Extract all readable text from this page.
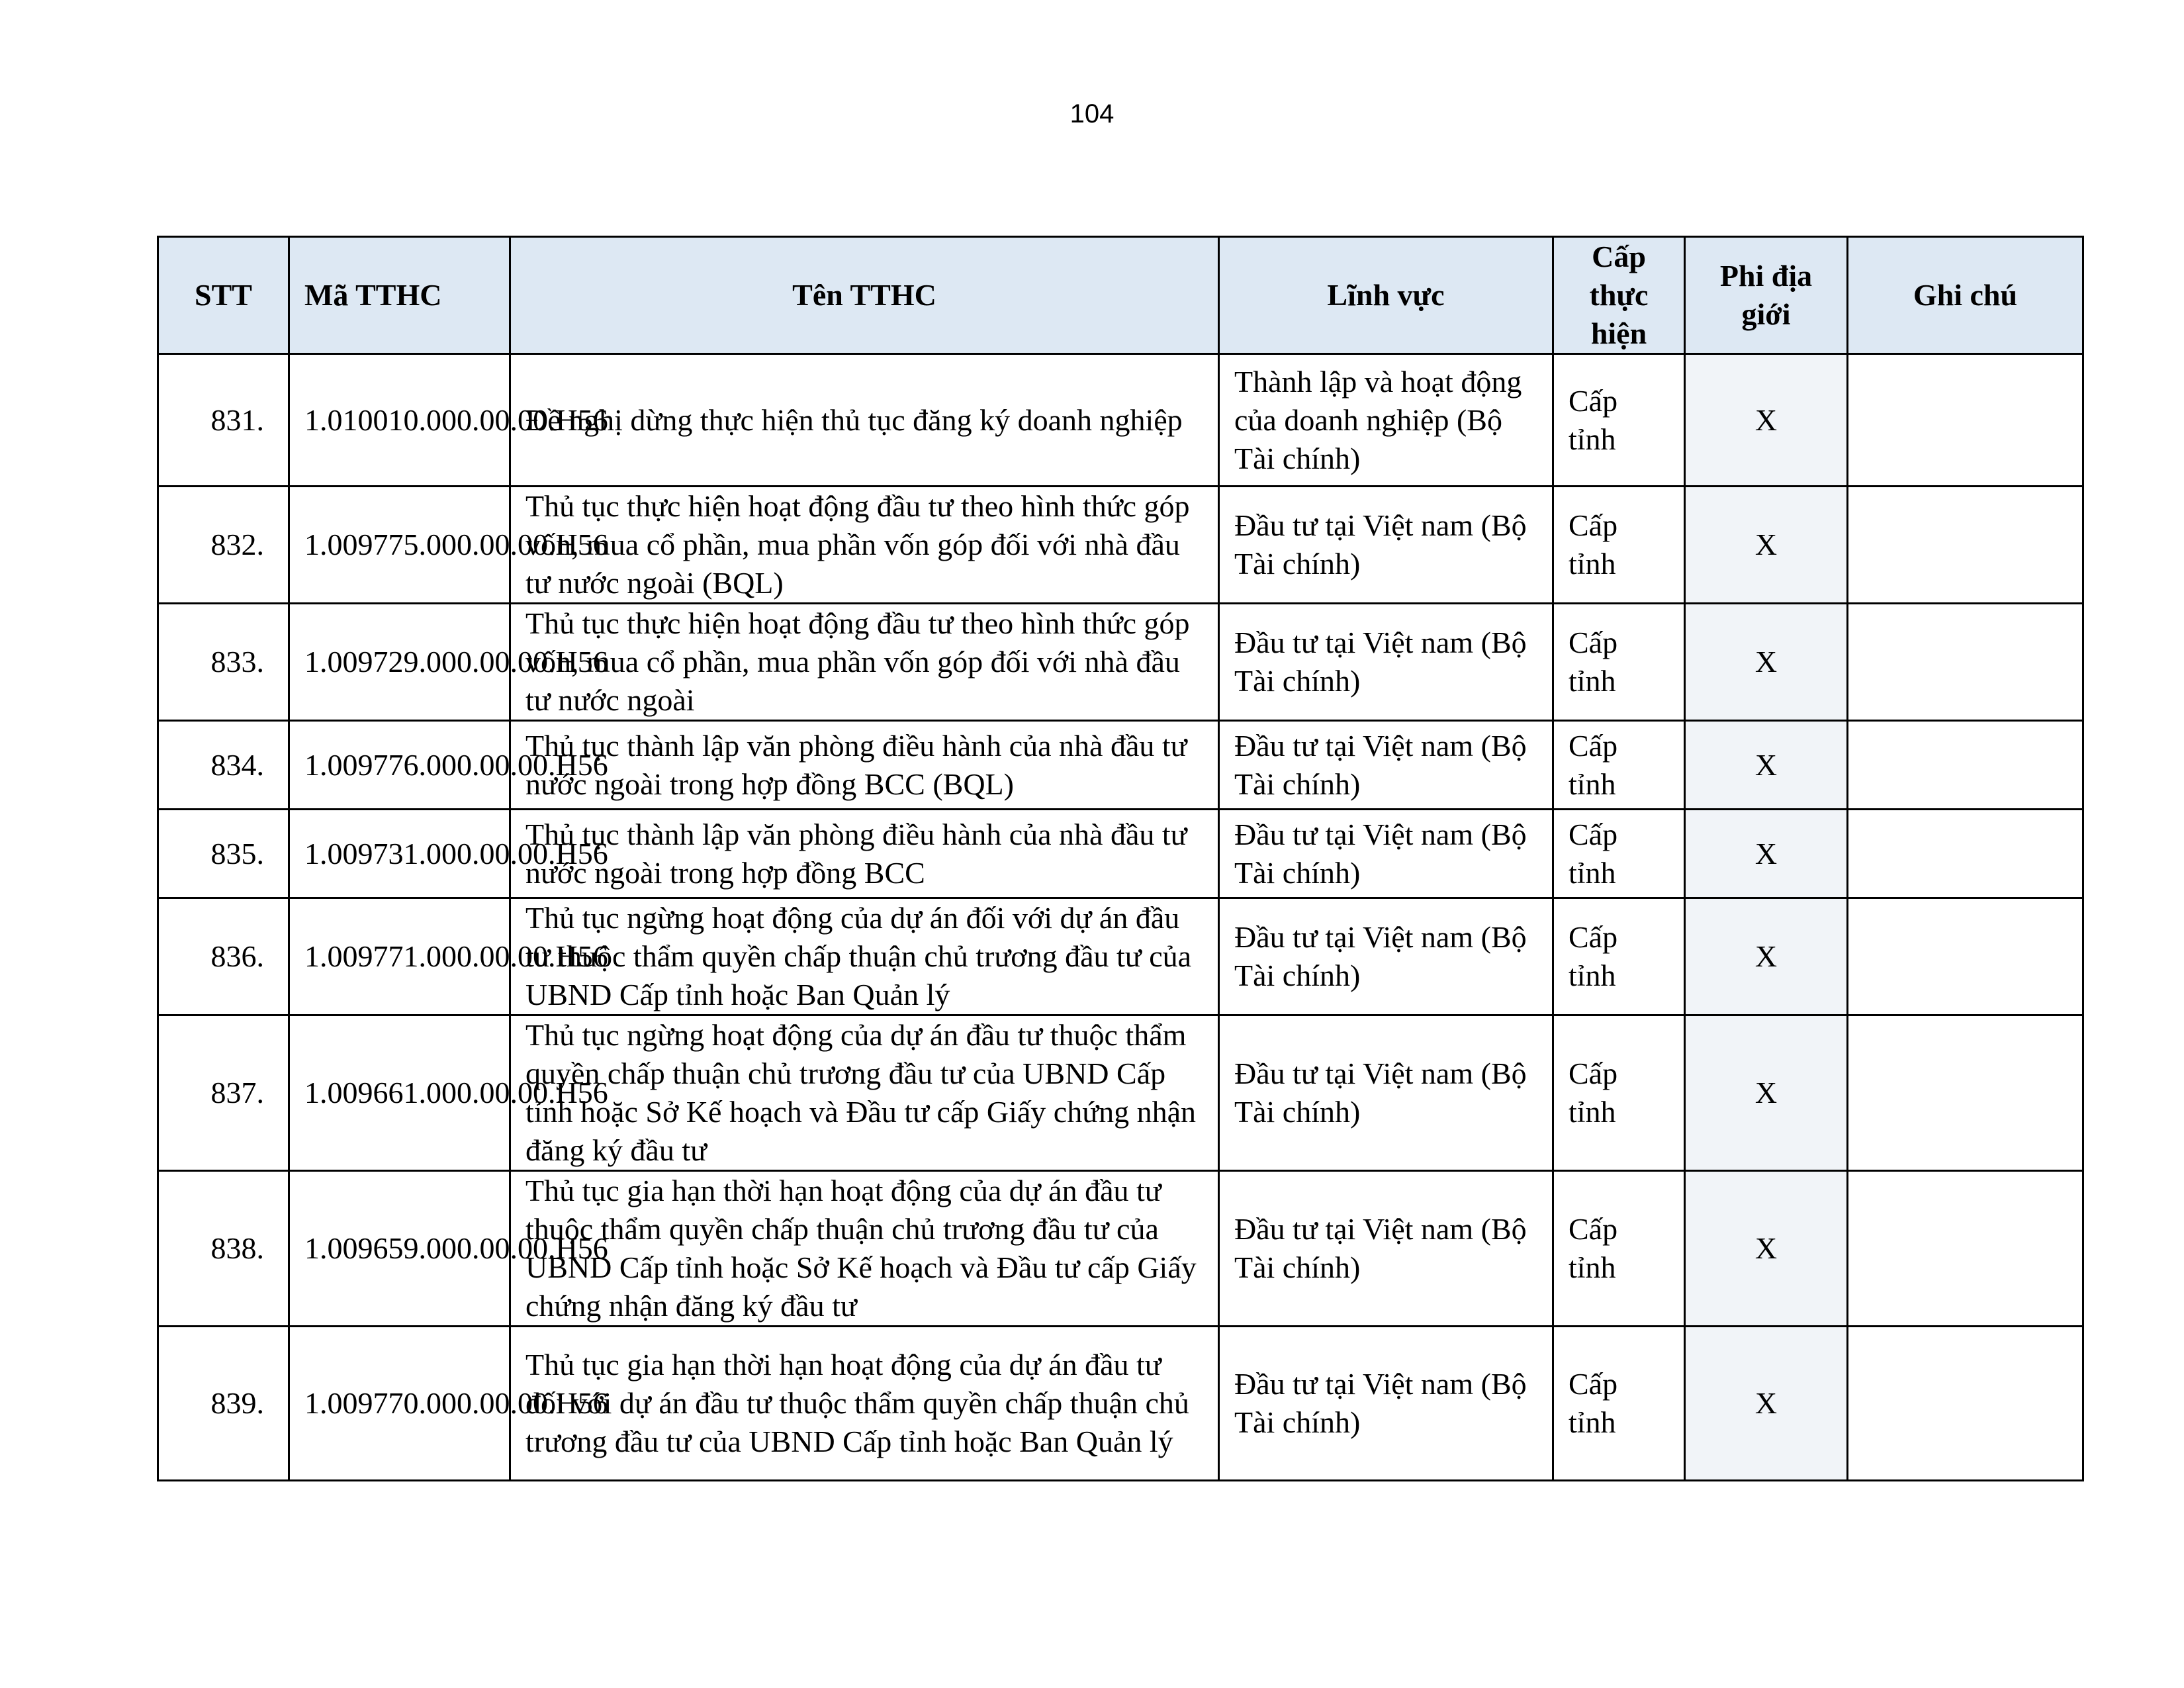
104
STT	Mã TTHC	Tên TTHC	Lĩnh vực	Cấp thực hiện	Phi địa giới	Ghi chú
831.	1.010010.000.00.00.H56	Đề nghị dừng thực hiện thủ tục đăng ký doanh nghiệp	Thành lập và hoạt động của doanh nghiệp (Bộ Tài chính)	Cấp tỉnh	X	
832.	1.009775.000.00.00.H56	Thủ tục thực hiện hoạt động đầu tư theo hình thức góp vốn, mua cổ phần, mua phần vốn góp đối với nhà đầu tư nước ngoài (BQL)	Đầu tư tại Việt nam (Bộ Tài chính)	Cấp tỉnh	X	
833.	1.009729.000.00.00.H56	Thủ tục thực hiện hoạt động đầu tư theo hình thức góp vốn, mua cổ phần, mua phần vốn góp đối với nhà đầu tư nước ngoài	Đầu tư tại Việt nam (Bộ Tài chính)	Cấp tỉnh	X	
834.	1.009776.000.00.00.H56	Thủ tục thành lập văn phòng điều hành của nhà đầu tư nước ngoài trong hợp đồng BCC (BQL)	Đầu tư tại Việt nam (Bộ Tài chính)	Cấp tỉnh	X	
835.	1.009731.000.00.00.H56	Thủ tục thành lập văn phòng điều hành của nhà đầu tư nước ngoài trong hợp đồng BCC	Đầu tư tại Việt nam (Bộ Tài chính)	Cấp tỉnh	X	
836.	1.009771.000.00.00.H56	Thủ tục ngừng hoạt động của dự án đối với dự án đầu tư thuộc thẩm quyền chấp thuận chủ trương đầu tư của UBND Cấp tỉnh hoặc Ban Quản lý	Đầu tư tại Việt nam (Bộ Tài chính)	Cấp tỉnh	X	
837.	1.009661.000.00.00.H56	Thủ tục ngừng hoạt động của dự án đầu tư thuộc thẩm quyền chấp thuận chủ trương đầu tư của UBND Cấp tỉnh hoặc Sở Kế hoạch và Đầu tư cấp Giấy chứng nhận đăng ký đầu tư	Đầu tư tại Việt nam (Bộ Tài chính)	Cấp tỉnh	X	
838.	1.009659.000.00.00.H56	Thủ tục gia hạn thời hạn hoạt động của dự án đầu tư thuộc thẩm quyền chấp thuận chủ trương đầu tư của UBND Cấp tỉnh hoặc Sở Kế hoạch và Đầu tư cấp Giấy chứng nhận đăng ký đầu tư	Đầu tư tại Việt nam (Bộ Tài chính)	Cấp tỉnh	X	
839.	1.009770.000.00.00.H56	Thủ tục gia hạn thời hạn hoạt động của dự án đầu tư đối với dự án đầu tư thuộc thẩm quyền chấp thuận chủ trương đầu tư của UBND Cấp tỉnh hoặc Ban Quản lý	Đầu tư tại Việt nam (Bộ Tài chính)	Cấp tỉnh	X	
